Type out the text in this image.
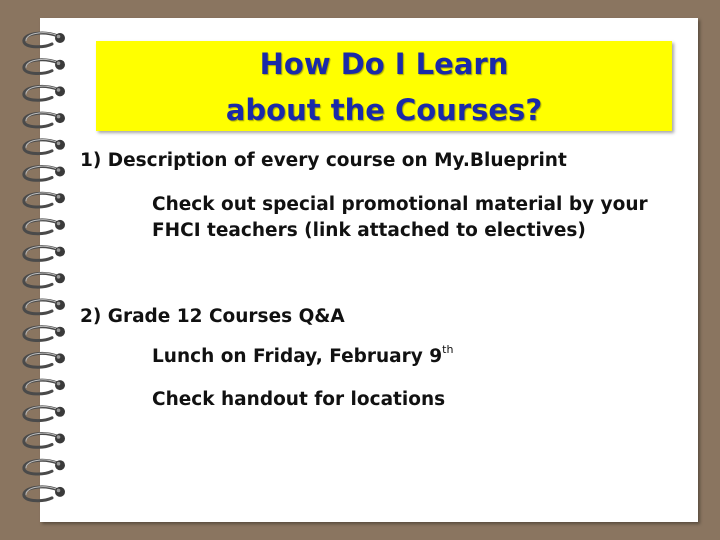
How Do I Learn
about the Courses?
1) Description of every course on My.Blueprint
Check out special promotional material by your
FHCI teachers (link attached to electives)
2) Grade 12 Courses Q&A
Lunch on Friday, February 9th
Check handout for locations
